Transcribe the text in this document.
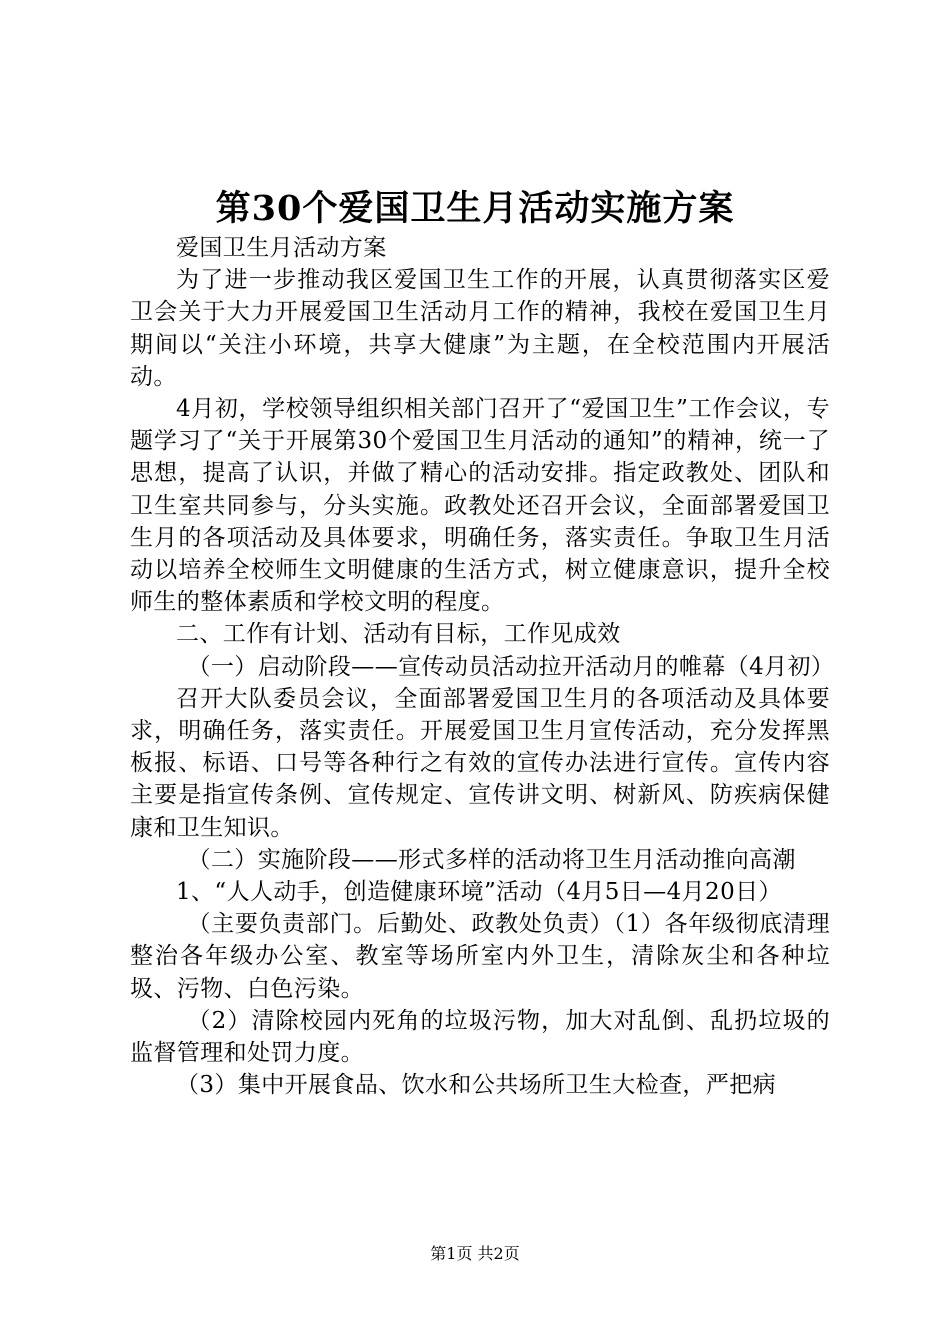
第30个爱国卫生月活动实施方案

爱国卫生月活动方案

为了进一步推动我区爱国卫生工作的开展，认真贯彻落实区爱卫会关于大力开展爱国卫生活动月工作的精神，我校在爱国卫生月期间以“关注小环境，共享大健康”为主题，在全校范围内开展活动。

4月初，学校领导组织相关部门召开了“爱国卫生”工作会议，专题学习了“关于开展第30个爱国卫生月活动的通知”的精神，统一了思想，提高了认识，并做了精心的活动安排。指定政教处、团队和卫生室共同参与，分头实施。政教处还召开会议，全面部署爱国卫生月的各项活动及具体要求，明确任务，落实责任。争取卫生月活动以培养全校师生文明健康的生活方式，树立健康意识，提升全校师生的整体素质和学校文明的程度。

二、工作有计划、活动有目标，工作见成效

（一）启动阶段——宣传动员活动拉开活动月的帷幕（4月初）

召开大队委员会议，全面部署爱国卫生月的各项活动及具体要求，明确任务，落实责任。开展爱国卫生月宣传活动，充分发挥黑板报、标语、口号等各种行之有效的宣传办法进行宣传。宣传内容主要是指宣传条例、宣传规定、宣传讲文明、树新风、防疾病保健康和卫生知识。

（二）实施阶段——形式多样的活动将卫生月活动推向高潮

1、“人人动手，创造健康环境”活动（4月5日—4月20日）

（主要负责部门。后勤处、政教处负责）（1）各年级彻底清理整治各年级办公室、教室等场所室内外卫生，清除灰尘和各种垃圾、污物、白色污染。

（2）清除校园内死角的垃圾污物，加大对乱倒、乱扔垃圾的监督管理和处罚力度。

（3）集中开展食品、饮水和公共场所卫生大检查，严把病

第1页 共2页
